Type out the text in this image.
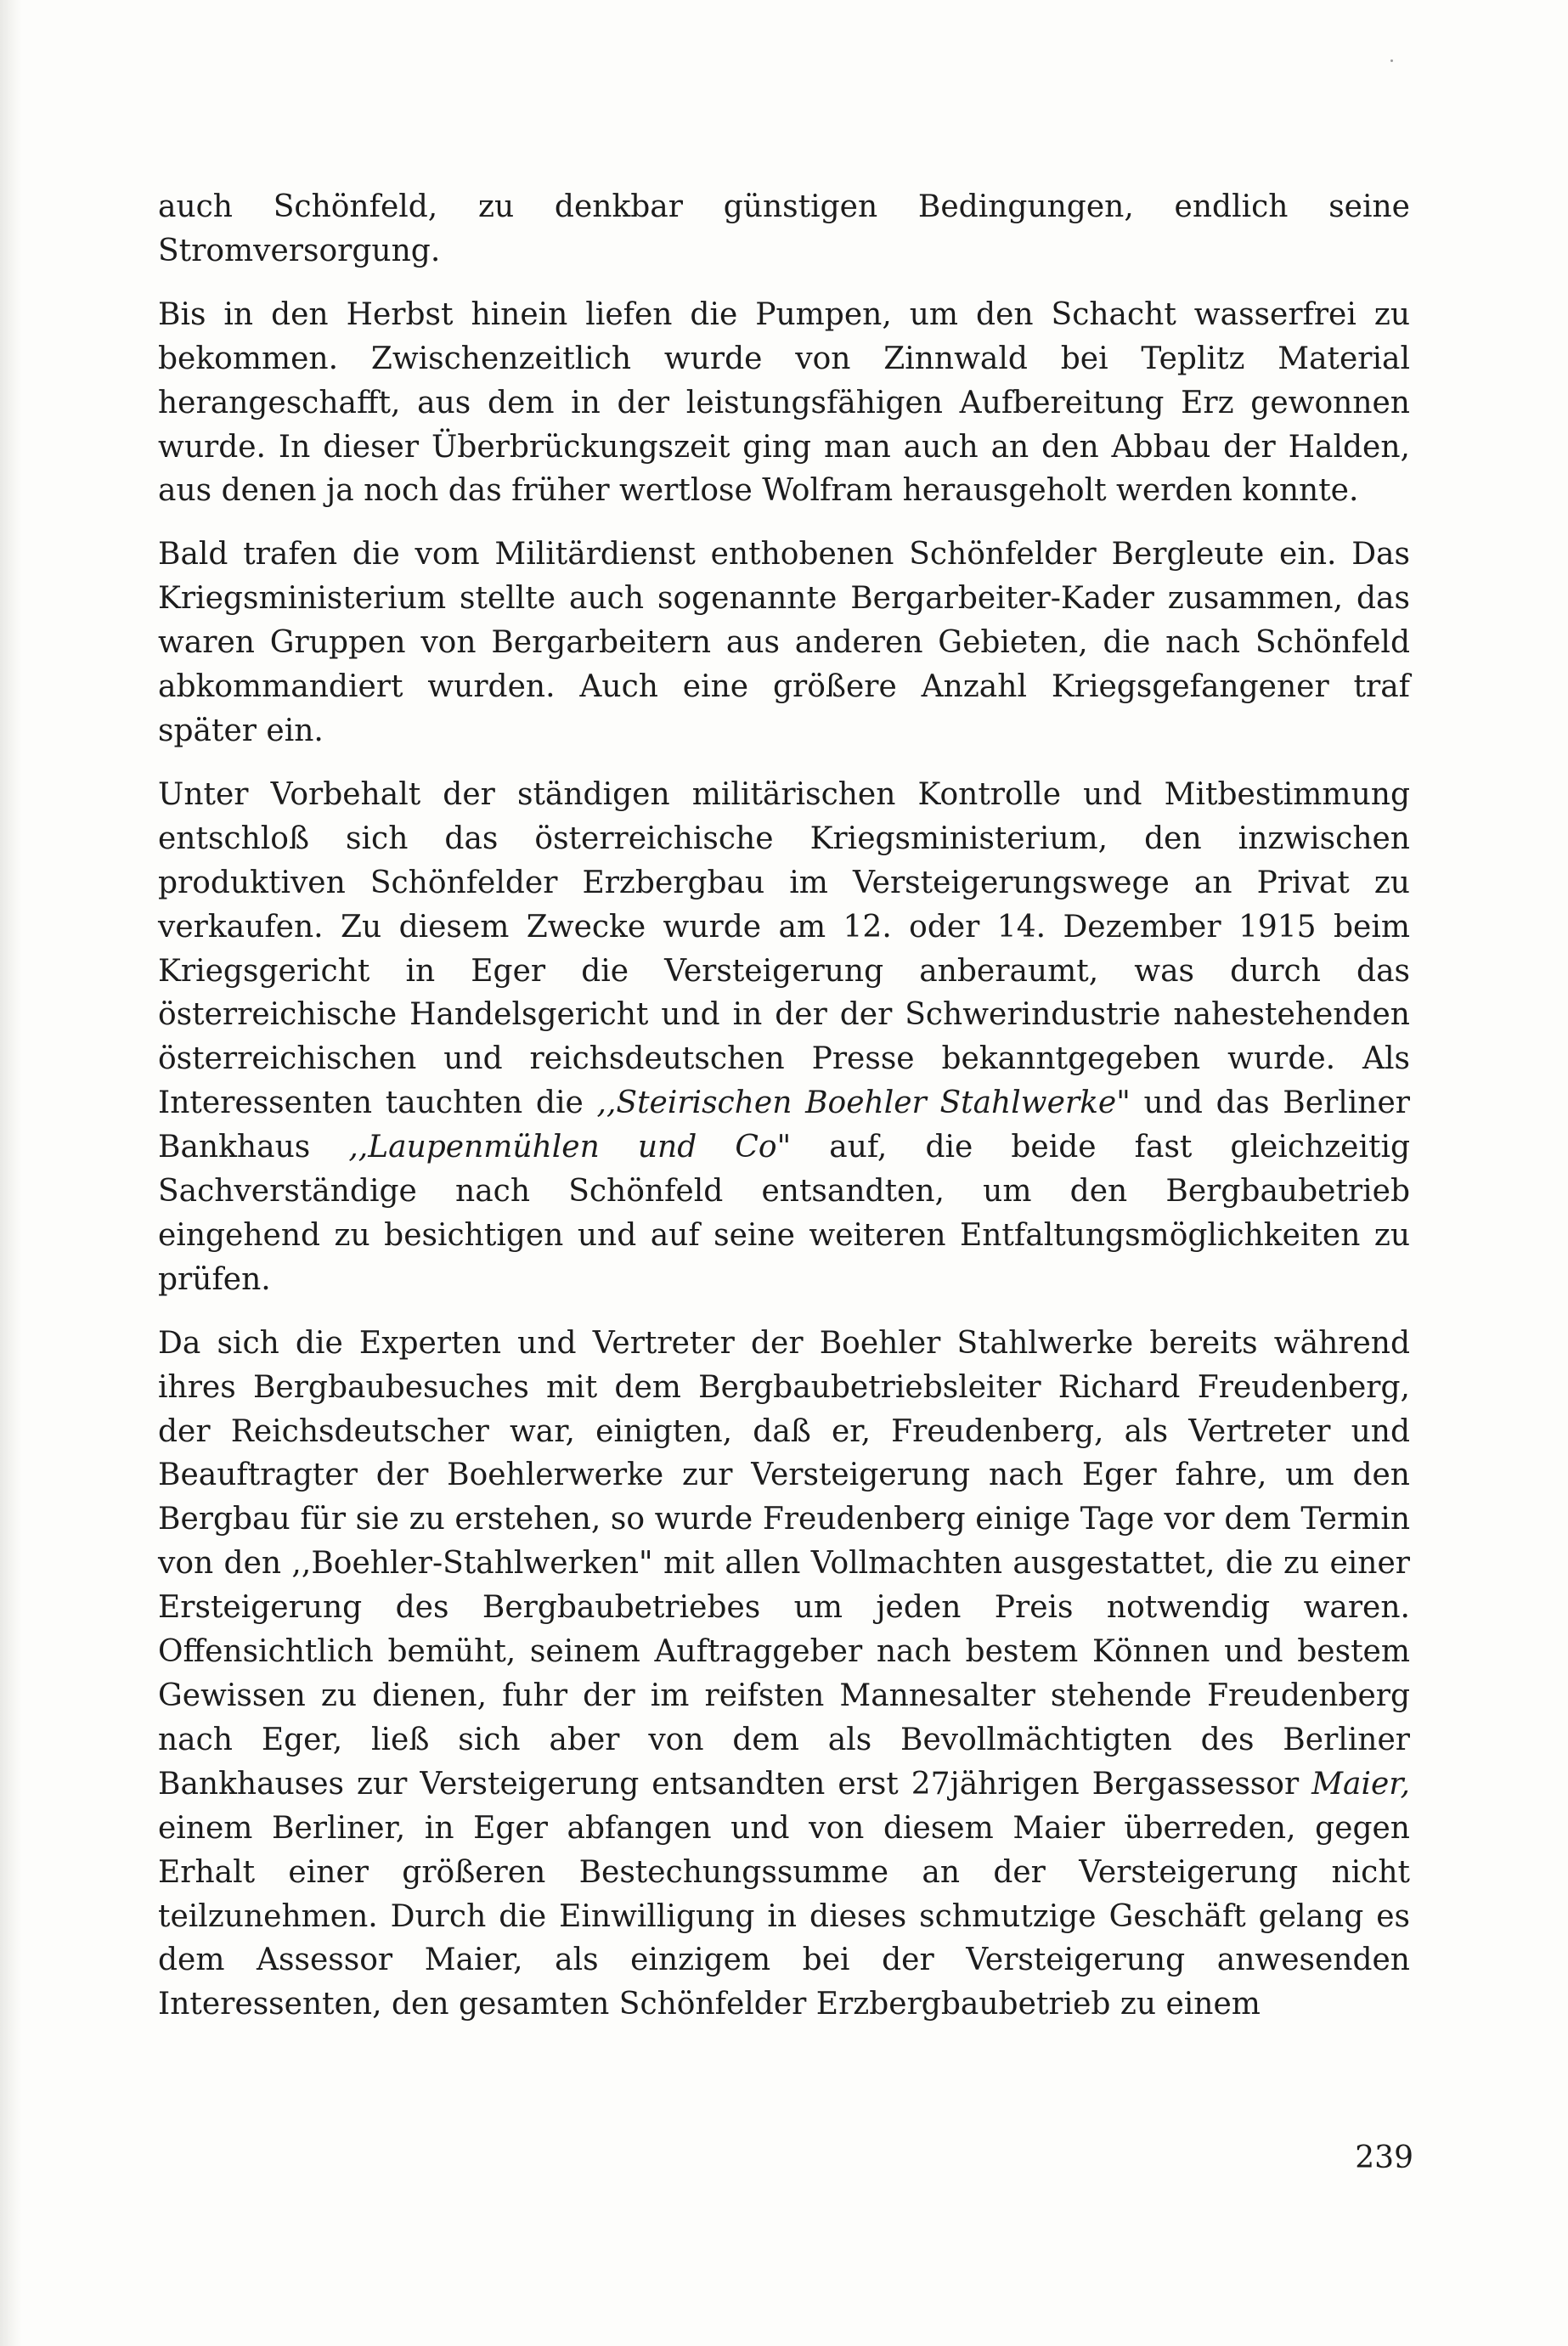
auch Schönfeld, zu denkbar günstigen Bedingungen, endlich seine Stromversorgung.

Bis in den Herbst hinein liefen die Pumpen, um den Schacht wasserfrei zu bekommen. Zwischenzeitlich wurde von Zinnwald bei Teplitz Material herangeschafft, aus dem in der leistungsfähigen Aufbereitung Erz gewonnen wurde. In dieser Überbrückungszeit ging man auch an den Abbau der Halden, aus denen ja noch das früher wertlose Wolfram herausgeholt werden konnte.

Bald trafen die vom Militärdienst enthobenen Schönfelder Bergleute ein. Das Kriegsministerium stellte auch sogenannte Bergarbeiter-Kader zusammen, das waren Gruppen von Bergarbeitern aus anderen Gebieten, die nach Schönfeld abkommandiert wurden. Auch eine größere Anzahl Kriegsgefangener traf später ein.

Unter Vorbehalt der ständigen militärischen Kontrolle und Mitbestimmung entschloß sich das österreichische Kriegsministerium, den inzwischen produktiven Schönfelder Erzbergbau im Versteigerungswege an Privat zu verkaufen. Zu diesem Zwecke wurde am 12. oder 14. Dezember 1915 beim Kriegsgericht in Eger die Versteigerung anberaumt, was durch das österreichische Handelsgericht und in der der Schwerindustrie nahestehenden österreichischen und reichsdeutschen Presse bekanntgegeben wurde. Als Interessenten tauchten die ,,Steirischen Boehler Stahlwerke" und das Berliner Bankhaus ,,Laupenmühlen und Co" auf, die beide fast gleichzeitig Sachverständige nach Schönfeld entsandten, um den Bergbaubetrieb eingehend zu besichtigen und auf seine weiteren Entfaltungsmöglichkeiten zu prüfen.

Da sich die Experten und Vertreter der Boehler Stahlwerke bereits während ihres Bergbaubesuches mit dem Bergbaubetriebsleiter Richard Freudenberg, der Reichsdeutscher war, einigten, daß er, Freudenberg, als Vertreter und Beauftragter der Boehlerwerke zur Versteigerung nach Eger fahre, um den Bergbau für sie zu erstehen, so wurde Freudenberg einige Tage vor dem Termin von den ,,Boehler-Stahlwerken" mit allen Vollmachten ausgestattet, die zu einer Ersteigerung des Bergbaubetriebes um jeden Preis notwendig waren. Offensichtlich bemüht, seinem Auftraggeber nach bestem Können und bestem Gewissen zu dienen, fuhr der im reifsten Mannesalter stehende Freudenberg nach Eger, ließ sich aber von dem als Bevollmächtigten des Berliner Bankhauses zur Versteigerung entsandten erst 27jährigen Bergassessor Maier, einem Berliner, in Eger abfangen und von diesem Maier überreden, gegen Erhalt einer größeren Bestechungssumme an der Versteigerung nicht teilzunehmen. Durch die Einwilligung in dieses schmutzige Geschäft gelang es dem Assessor Maier, als einzigem bei der Versteigerung anwesenden Interessenten, den gesamten Schönfelder Erzbergbaubetrieb zu einem

239
